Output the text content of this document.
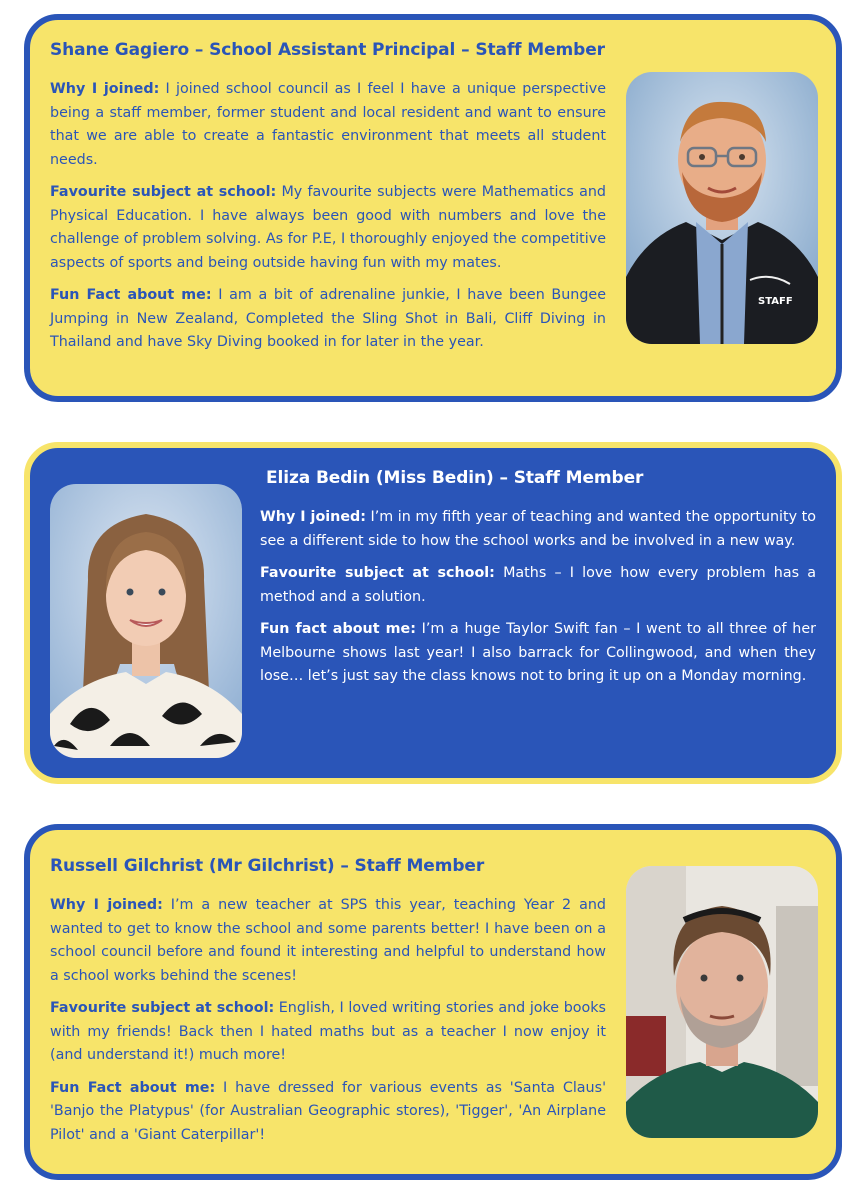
Shane Gagiero – School Assistant Principal – Staff Member

Why I joined: I joined school council as I feel I have a unique perspective being a staff member, former student and local resident and want to ensure that we are able to create a fantastic environment that meets all student needs.

Favourite subject at school: My favourite subjects were Mathematics and Physical Education. I have always been good with numbers and love the challenge of problem solving. As for P.E, I thoroughly enjoyed the competitive aspects of sports and being outside having fun with my mates.

Fun Fact about me: I am a bit of adrenaline junkie, I have been Bungee Jumping in New Zealand, Completed the Sling Shot in Bali, Cliff Diving in Thailand and have Sky Diving booked in for later in the year.

STAFF
Eliza Bedin (Miss Bedin) – Staff Member

Why I joined: I’m in my fifth year of teaching and wanted the opportunity to see a different side to how the school works and be involved in a new way.

Favourite subject at school: Maths – I love how every problem has a method and a solution.

Fun fact about me: I’m a huge Taylor Swift fan – I went to all three of her Melbourne shows last year! I also barrack for Collingwood, and when they lose… let’s just say the class knows not to bring it up on a Monday morning.

Russell Gilchrist (Mr Gilchrist) – Staff Member

Why I joined: I’m a new teacher at SPS this year, teaching Year 2 and wanted to get to know the school and some parents better! I have been on a school council before and found it interesting and helpful to understand how a school works behind the scenes!

Favourite subject at school: English, I loved writing stories and joke books with my friends! Back then I hated maths but as a teacher I now enjoy it (and understand it!) much more!

Fun Fact about me: I have dressed for various events as 'Santa Claus' 'Banjo the Platypus' (for Australian Geographic stores), 'Tigger', 'An Airplane Pilot' and a 'Giant Caterpillar'!
